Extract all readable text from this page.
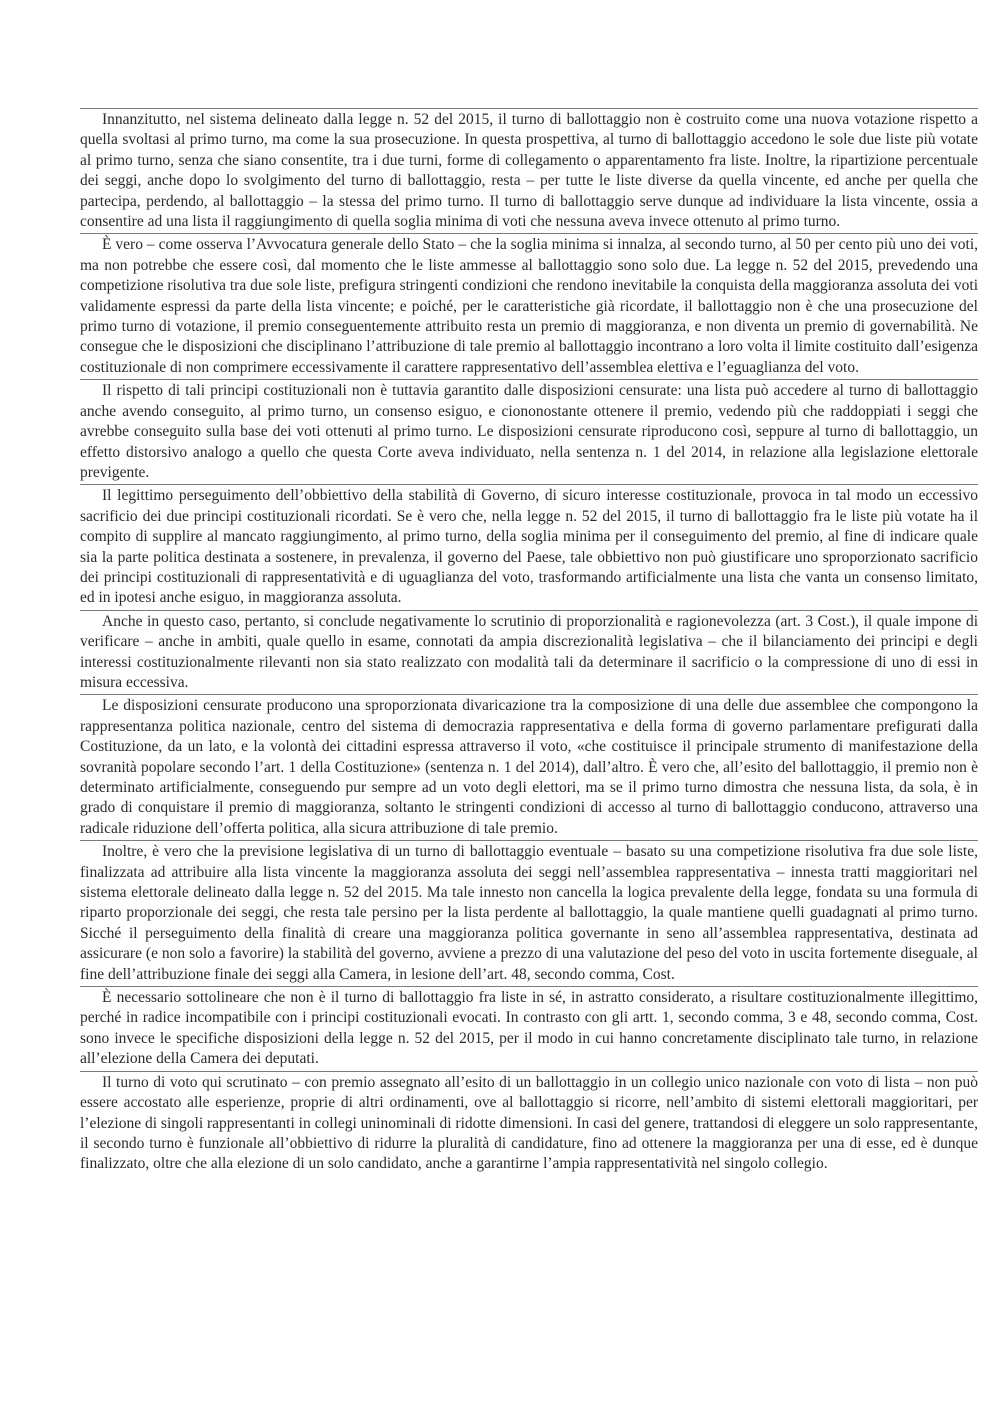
Innanzitutto, nel sistema delineato dalla legge n. 52 del 2015, il turno di ballottaggio non è costruito come una nuova votazione rispetto a quella svoltasi al primo turno, ma come la sua prosecuzione. In questa prospettiva, al turno di ballottaggio accedono le sole due liste più votate al primo turno, senza che siano consentite, tra i due turni, forme di collegamento o apparentamento fra liste. Inoltre, la ripartizione percentuale dei seggi, anche dopo lo svolgimento del turno di ballottaggio, resta – per tutte le liste diverse da quella vincente, ed anche per quella che partecipa, perdendo, al ballottaggio – la stessa del primo turno. Il turno di ballottaggio serve dunque ad individuare la lista vincente, ossia a consentire ad una lista il raggiungimento di quella soglia minima di voti che nessuna aveva invece ottenuto al primo turno.

È vero – come osserva l’Avvocatura generale dello Stato – che la soglia minima si innalza, al secondo turno, al 50 per cento più uno dei voti, ma non potrebbe che essere così, dal momento che le liste ammesse al ballottaggio sono solo due. La legge n. 52 del 2015, prevedendo una competizione risolutiva tra due sole liste, prefigura stringenti condizioni che rendono inevitabile la conquista della maggioranza assoluta dei voti validamente espressi da parte della lista vincente; e poiché, per le caratteristiche già ricordate, il ballottaggio non è che una prosecuzione del primo turno di votazione, il premio conseguentemente attribuito resta un premio di maggioranza, e non diventa un premio di governabilità. Ne consegue che le disposizioni che disciplinano l’attribuzione di tale premio al ballottaggio incontrano a loro volta il limite costituito dall’esigenza costituzionale di non comprimere eccessivamente il carattere rappresentativo dell’assemblea elettiva e l’eguaglianza del voto.

Il rispetto di tali principi costituzionali non è tuttavia garantito dalle disposizioni censurate: una lista può accedere al turno di ballottaggio anche avendo conseguito, al primo turno, un consenso esiguo, e ciononostante ottenere il premio, vedendo più che raddoppiati i seggi che avrebbe conseguito sulla base dei voti ottenuti al primo turno. Le disposizioni censurate riproducono così, seppure al turno di ballottaggio, un effetto distorsivo analogo a quello che questa Corte aveva individuato, nella sentenza n. 1 del 2014, in relazione alla legislazione elettorale previgente.

Il legittimo perseguimento dell’obbiettivo della stabilità di Governo, di sicuro interesse costituzionale, provoca in tal modo un eccessivo sacrificio dei due principi costituzionali ricordati. Se è vero che, nella legge n. 52 del 2015, il turno di ballottaggio fra le liste più votate ha il compito di supplire al mancato raggiungimento, al primo turno, della soglia minima per il conseguimento del premio, al fine di indicare quale sia la parte politica destinata a sostenere, in prevalenza, il governo del Paese, tale obbiettivo non può giustificare uno sproporzionato sacrificio dei principi costituzionali di rappresentatività e di uguaglianza del voto, trasformando artificialmente una lista che vanta un consenso limitato, ed in ipotesi anche esiguo, in maggioranza assoluta.

Anche in questo caso, pertanto, si conclude negativamente lo scrutinio di proporzionalità e ragionevolezza (art. 3 Cost.), il quale impone di verificare – anche in ambiti, quale quello in esame, connotati da ampia discrezionalità legislativa – che il bilanciamento dei principi e degli interessi costituzionalmente rilevanti non sia stato realizzato con modalità tali da determinare il sacrificio o la compressione di uno di essi in misura eccessiva.

Le disposizioni censurate producono una sproporzionata divaricazione tra la composizione di una delle due assemblee che compongono la rappresentanza politica nazionale, centro del sistema di democrazia rappresentativa e della forma di governo parlamentare prefigurati dalla Costituzione, da un lato, e la volontà dei cittadini espressa attraverso il voto, «che costituisce il principale strumento di manifestazione della sovranità popolare secondo l’art. 1 della Costituzione» (sentenza n. 1 del 2014), dall’altro. È vero che, all’esito del ballottaggio, il premio non è determinato artificialmente, conseguendo pur sempre ad un voto degli elettori, ma se il primo turno dimostra che nessuna lista, da sola, è in grado di conquistare il premio di maggioranza, soltanto le stringenti condizioni di accesso al turno di ballottaggio conducono, attraverso una radicale riduzione dell’offerta politica, alla sicura attribuzione di tale premio.

Inoltre, è vero che la previsione legislativa di un turno di ballottaggio eventuale – basato su una competizione risolutiva fra due sole liste, finalizzata ad attribuire alla lista vincente la maggioranza assoluta dei seggi nell’assemblea rappresentativa – innesta tratti maggioritari nel sistema elettorale delineato dalla legge n. 52 del 2015. Ma tale innesto non cancella la logica prevalente della legge, fondata su una formula di riparto proporzionale dei seggi, che resta tale persino per la lista perdente al ballottaggio, la quale mantiene quelli guadagnati al primo turno. Sicché il perseguimento della finalità di creare una maggioranza politica governante in seno all’assemblea rappresentativa, destinata ad assicurare (e non solo a favorire) la stabilità del governo, avviene a prezzo di una valutazione del peso del voto in uscita fortemente diseguale, al fine dell’attribuzione finale dei seggi alla Camera, in lesione dell’art. 48, secondo comma, Cost.

È necessario sottolineare che non è il turno di ballottaggio fra liste in sé, in astratto considerato, a risultare costituzionalmente illegittimo, perché in radice incompatibile con i principi costituzionali evocati. In contrasto con gli artt. 1, secondo comma, 3 e 48, secondo comma, Cost. sono invece le specifiche disposizioni della legge n. 52 del 2015, per il modo in cui hanno concretamente disciplinato tale turno, in relazione all’elezione della Camera dei deputati.

Il turno di voto qui scrutinato – con premio assegnato all’esito di un ballottaggio in un collegio unico nazionale con voto di lista – non può essere accostato alle esperienze, proprie di altri ordinamenti, ove al ballottaggio si ricorre, nell’ambito di sistemi elettorali maggioritari, per l’elezione di singoli rappresentanti in collegi uninominali di ridotte dimensioni. In casi del genere, trattandosi di eleggere un solo rappresentante, il secondo turno è funzionale all’obbiettivo di ridurre la pluralità di candidature, fino ad ottenere la maggioranza per una di esse, ed è dunque finalizzato, oltre che alla elezione di un solo candidato, anche a garantirne l’ampia rappresentatività nel singolo collegio.
